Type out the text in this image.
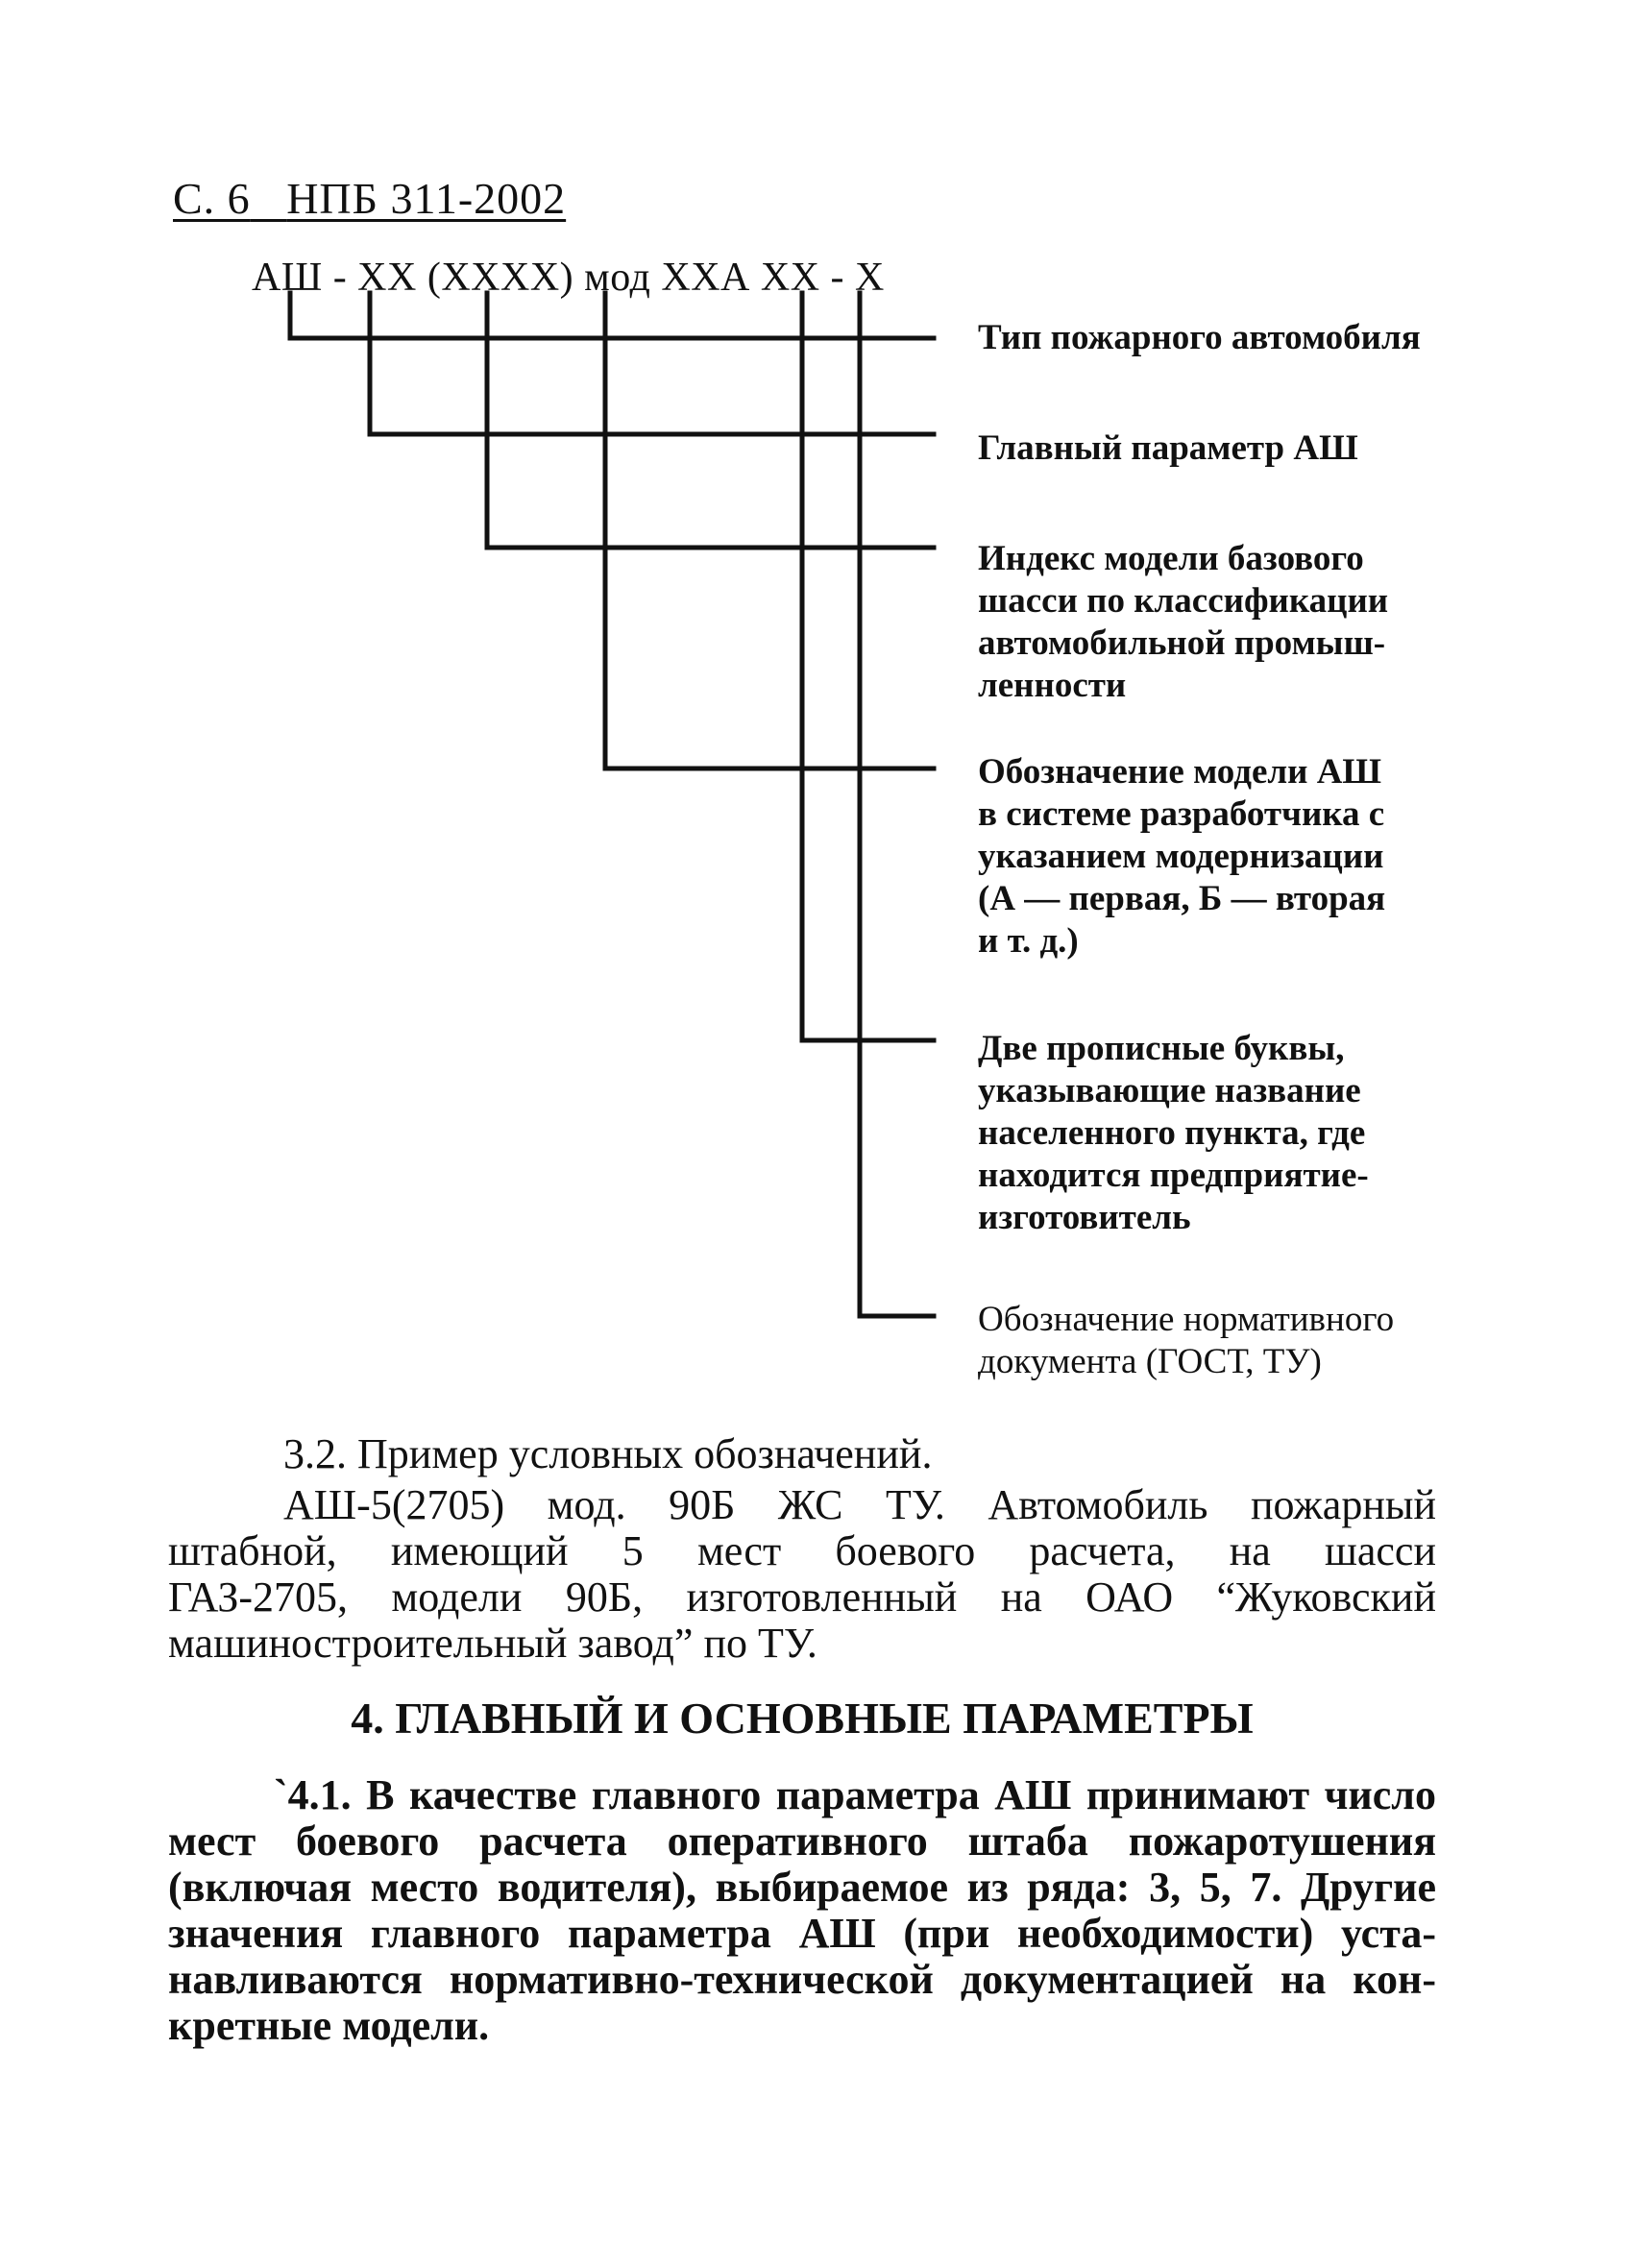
С. 6 НПБ 311-2002
АШ - ХХ (ХХХХ) мод ХХА ХХ - Х
Тип пожарного автомобиля
Главный параметр АШ
Индекс модели базового
шасси по классификации
автомобильной промыш-
ленности
Обозначение модели АШ
в системе разработчика с
указанием модернизации
(А — первая, Б — вторая
и т. д.)
Две прописные буквы,
указывающие название
населенного пункта, где
находится предприятие-
изготовитель
Обозначение нормативного
документа (ГОСТ, ТУ)
3.2. Пример условных обозначений.
АШ-5(2705) мод. 90Б ЖС ТУ. Автомобиль пожарный
штабной, имеющий 5 мест боевого расчета, на шасси
ГАЗ-2705, модели 90Б, изготовленный на ОАО “Жуковский
машиностроительный завод” по ТУ.
4. ГЛАВНЫЙ И ОСНОВНЫЕ ПАРАМЕТРЫ
`4.1. В качестве главного параметра АШ принимают число
мест боевого расчета оперативного штаба пожаротушения
(включая место водителя), выбираемое из ряда: 3, 5, 7. Другие
значения главного параметра АШ (при необходимости) уста-
навливаются нормативно-технической документацией на кон-
кретные модели.
